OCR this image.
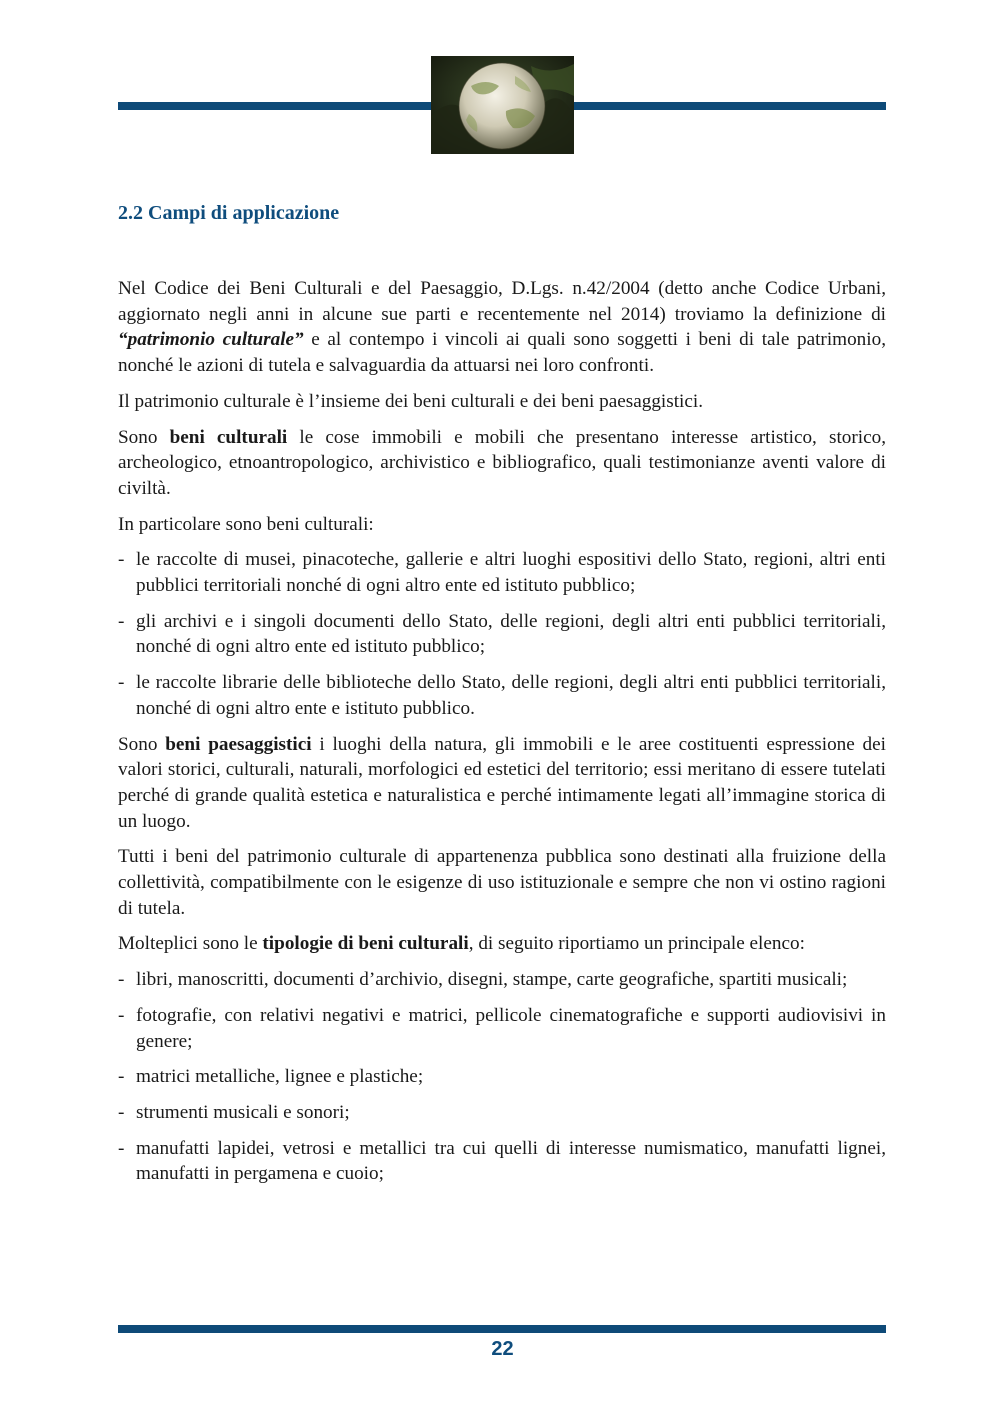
2.2 Campi di applicazione

Nel Codice dei Beni Culturali e del Paesaggio, D.Lgs. n.42/2004 (detto anche Codice Urbani, aggiornato negli anni in alcune sue parti e recentemente nel 2014) troviamo la definizione di “patrimonio culturale” e al contempo i vincoli ai quali sono soggetti i beni di tale patrimonio, nonché le azioni di tutela e salvaguardia da attuarsi nei loro confronti.

Il patrimonio culturale è l’insieme dei beni culturali e dei beni paesaggistici.

Sono beni culturali le cose immobili e mobili che presentano interesse artistico, storico, archeologico, etnoantropologico, archivistico e bibliografico, quali testimonianze aventi valore di civiltà.

In particolare sono beni culturali:

- le raccolte di musei, pinacoteche, gallerie e altri luoghi espositivi dello Stato, regioni, altri enti pubblici territoriali nonché di ogni altro ente ed istituto pubblico;
- gli archivi e i singoli documenti dello Stato, delle regioni, degli altri enti pubblici territoriali, nonché di ogni altro ente ed istituto pubblico;
- le raccolte librarie delle biblioteche dello Stato, delle regioni, degli altri enti pubblici territoriali, nonché di ogni altro ente e istituto pubblico.

Sono beni paesaggistici i luoghi della natura, gli immobili e le aree costituenti espressione dei valori storici, culturali, naturali, morfologici ed estetici del territorio; essi meritano di essere tutelati perché di grande qualità estetica e naturalistica e perché intimamente legati all’immagine storica di un luogo.

Tutti i beni del patrimonio culturale di appartenenza pubblica sono destinati alla fruizione della collettività, compatibilmente con le esigenze di uso istituzionale e sempre che non vi ostino ragioni di tutela.

Molteplici sono le tipologie di beni culturali, di seguito riportiamo un principale elenco:

- libri, manoscritti, documenti d’archivio, disegni, stampe, carte geografiche, spartiti musicali;
- fotografie, con relativi negativi e matrici, pellicole cinematografiche e supporti audiovisivi in genere;
- matrici metalliche, lignee e plastiche;
- strumenti musicali e sonori;
- manufatti lapidei, vetrosi e metallici tra cui quelli di interesse numismatico, manufatti lignei, manufatti in pergamena e cuoio;
22
